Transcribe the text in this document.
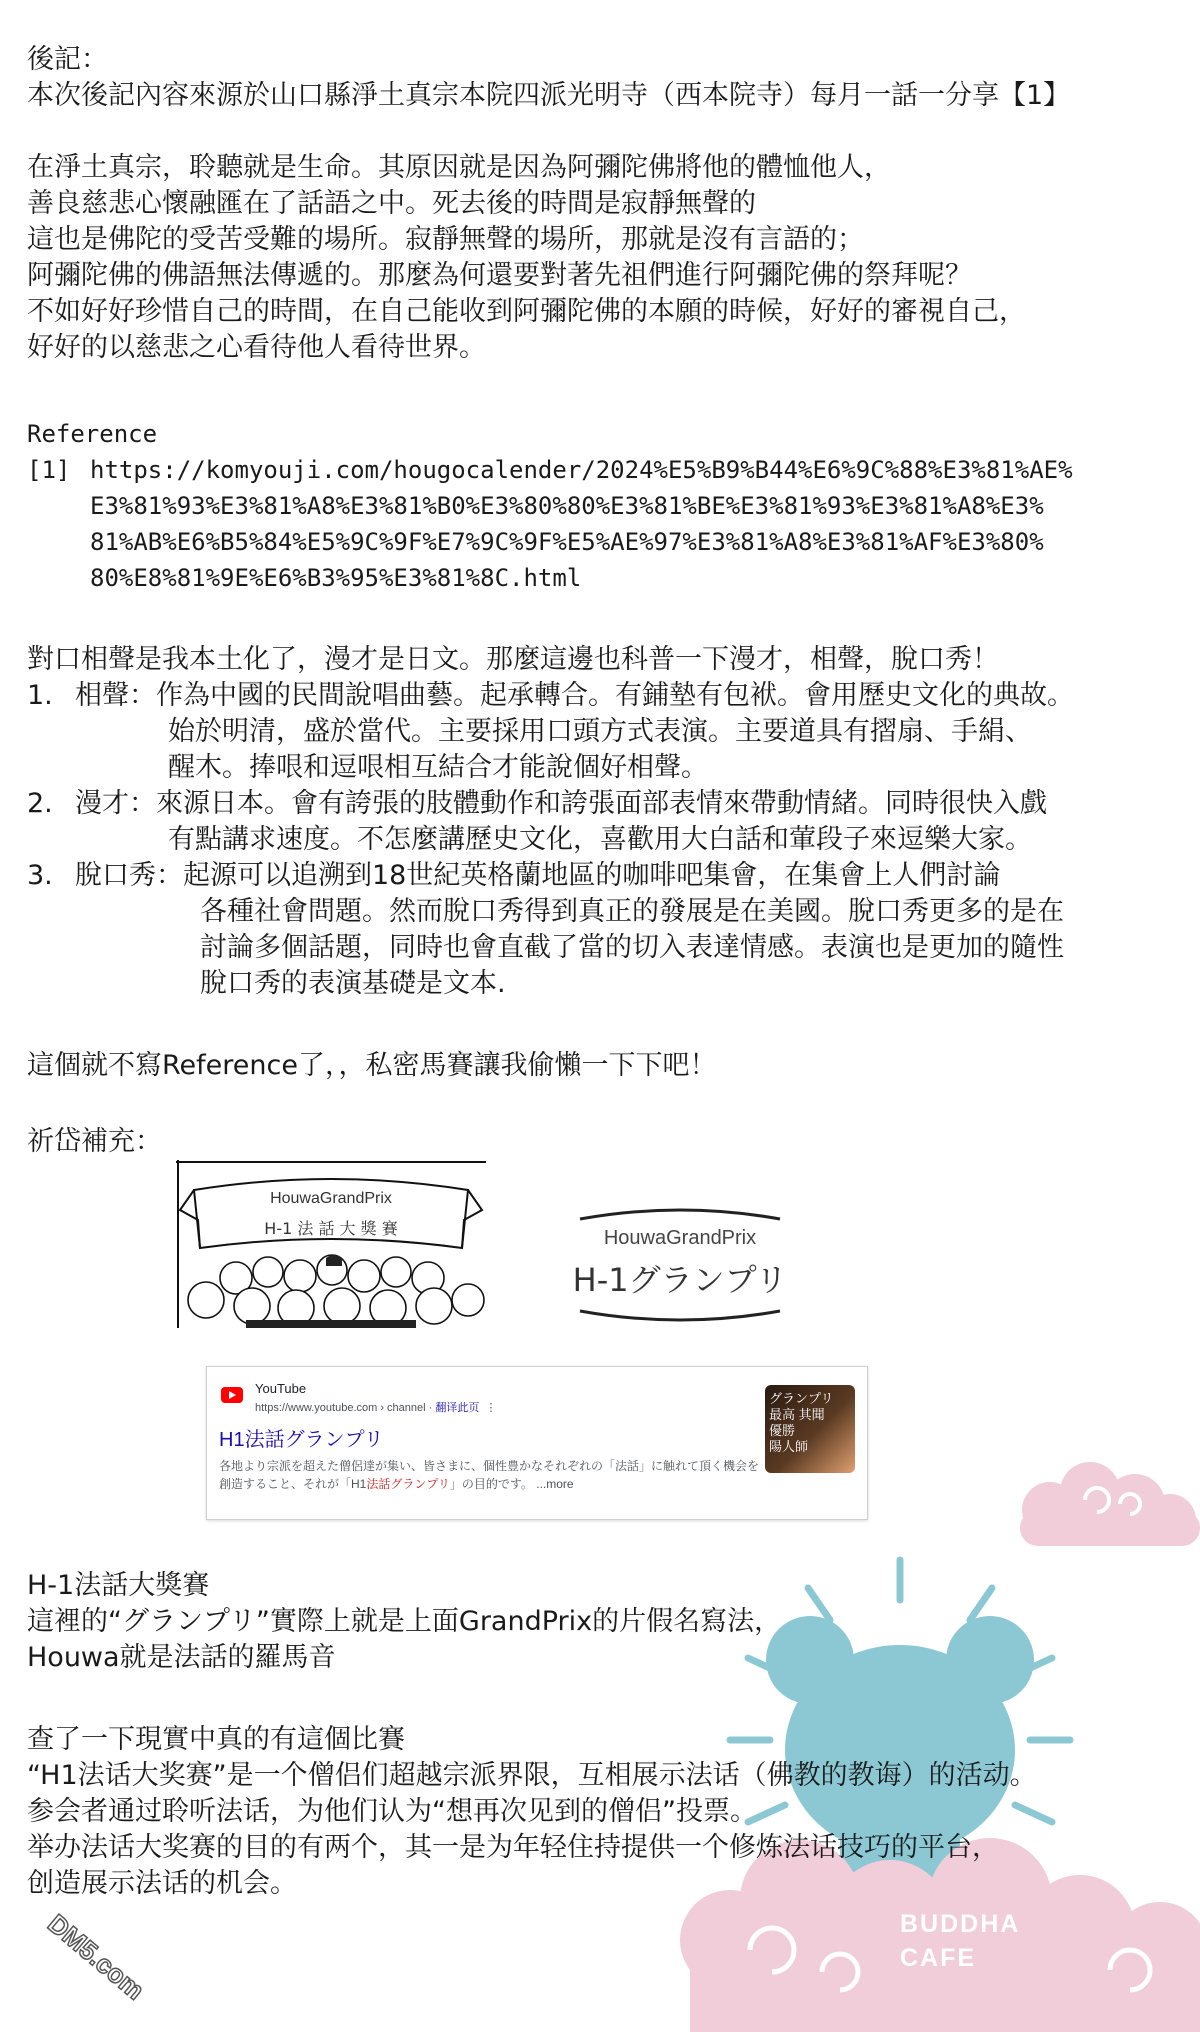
後記：

本次後記內容來源於山口縣淨土真宗本院四派光明寺（西本院寺）每月一話一分享【1】

在淨土真宗，聆聽就是生命。其原因就是因為阿彌陀佛將他的體恤他人，

善良慈悲心懷融匯在了話語之中。死去後的時間是寂靜無聲的

這也是佛陀的受苦受難的場所。寂靜無聲的場所，那就是沒有言語的；

阿彌陀佛的佛語無法傳遞的。那麼為何還要對著先祖們進行阿彌陀佛的祭拜呢？

不如好好珍惜自己的時間，在自己能收到阿彌陀佛的本願的時候，好好的審視自己，

好好的以慈悲之心看待他人看待世界。

Reference

[1] https://komyouji.com/hougocalender/2024%E5%B9%B44%E6%9C%88%E3%81%AE%

E3%81%93%E3%81%A8%E3%81%B0%E3%80%80%E3%81%BE%E3%81%93%E3%81%A8%E3%

81%AB%E6%B5%84%E5%9C%9F%E7%9C%9F%E5%AE%97%E3%81%A8%E3%81%AF%E3%80%

80%E8%81%9E%E6%B3%95%E3%81%8C.html

對口相聲是我本土化了，漫才是日文。那麼這邊也科普一下漫才，相聲，脫口秀！

1. 相聲：作為中國的民間說唱曲藝。起承轉合。有鋪墊有包袱。會用歷史文化的典故。

始於明清，盛於當代。主要採用口頭方式表演。主要道具有摺扇、手絹、

醒木。捧哏和逗哏相互結合才能說個好相聲。

2. 漫才：來源日本。會有誇張的肢體動作和誇張面部表情來帶動情緒。同時很快入戲

有點講求速度。不怎麼講歷史文化，喜歡用大白話和葷段子來逗樂大家。

3. 脫口秀：起源可以追溯到18世紀英格蘭地區的咖啡吧集會，在集會上人們討論

各種社會問題。然而脫口秀得到真正的發展是在美國。脫口秀更多的是在

討論多個話題，同時也會直截了當的切入表達情感。表演也是更加的隨性

脫口秀的表演基礎是文本.

這個就不寫Reference了，，私密馬賽讓我偷懶一下下吧！

祈岱補充：

HouwaGrandPrix
H-1 法 話 大 獎 賽	HouwaGrandPrix
H-1グランプリ
YouTube
https://www.youtube.com › channel · 翻译此页 ⋮
H1法話グランプリ
各地より宗派を超えた僧侶達が集い、皆さまに、個性豊かなそれぞれの「法話」に触れて頂く機会を創造すること、それが「H1法話グランプリ」の目的です。 ...more
グランプリ
最高 其聞
優勝
陽人師

H-1法話大獎賽

這裡的“グランプリ”實際上就是上面GrandPrix的片假名寫法，

Houwa就是法話的羅馬音

查了一下現實中真的有這個比賽

“H1法话大奖赛”是一个僧侣们超越宗派界限，互相展示法话（佛教的教诲）的活动。

参会者通过聆听法话，为他们认为“想再次见到的僧侣”投票。

举办法话大奖赛的目的有两个，其一是为年轻住持提供一个修炼法话技巧的平台，

创造展示法话的机会。

BUDDHA
CAFE
DM5.com
